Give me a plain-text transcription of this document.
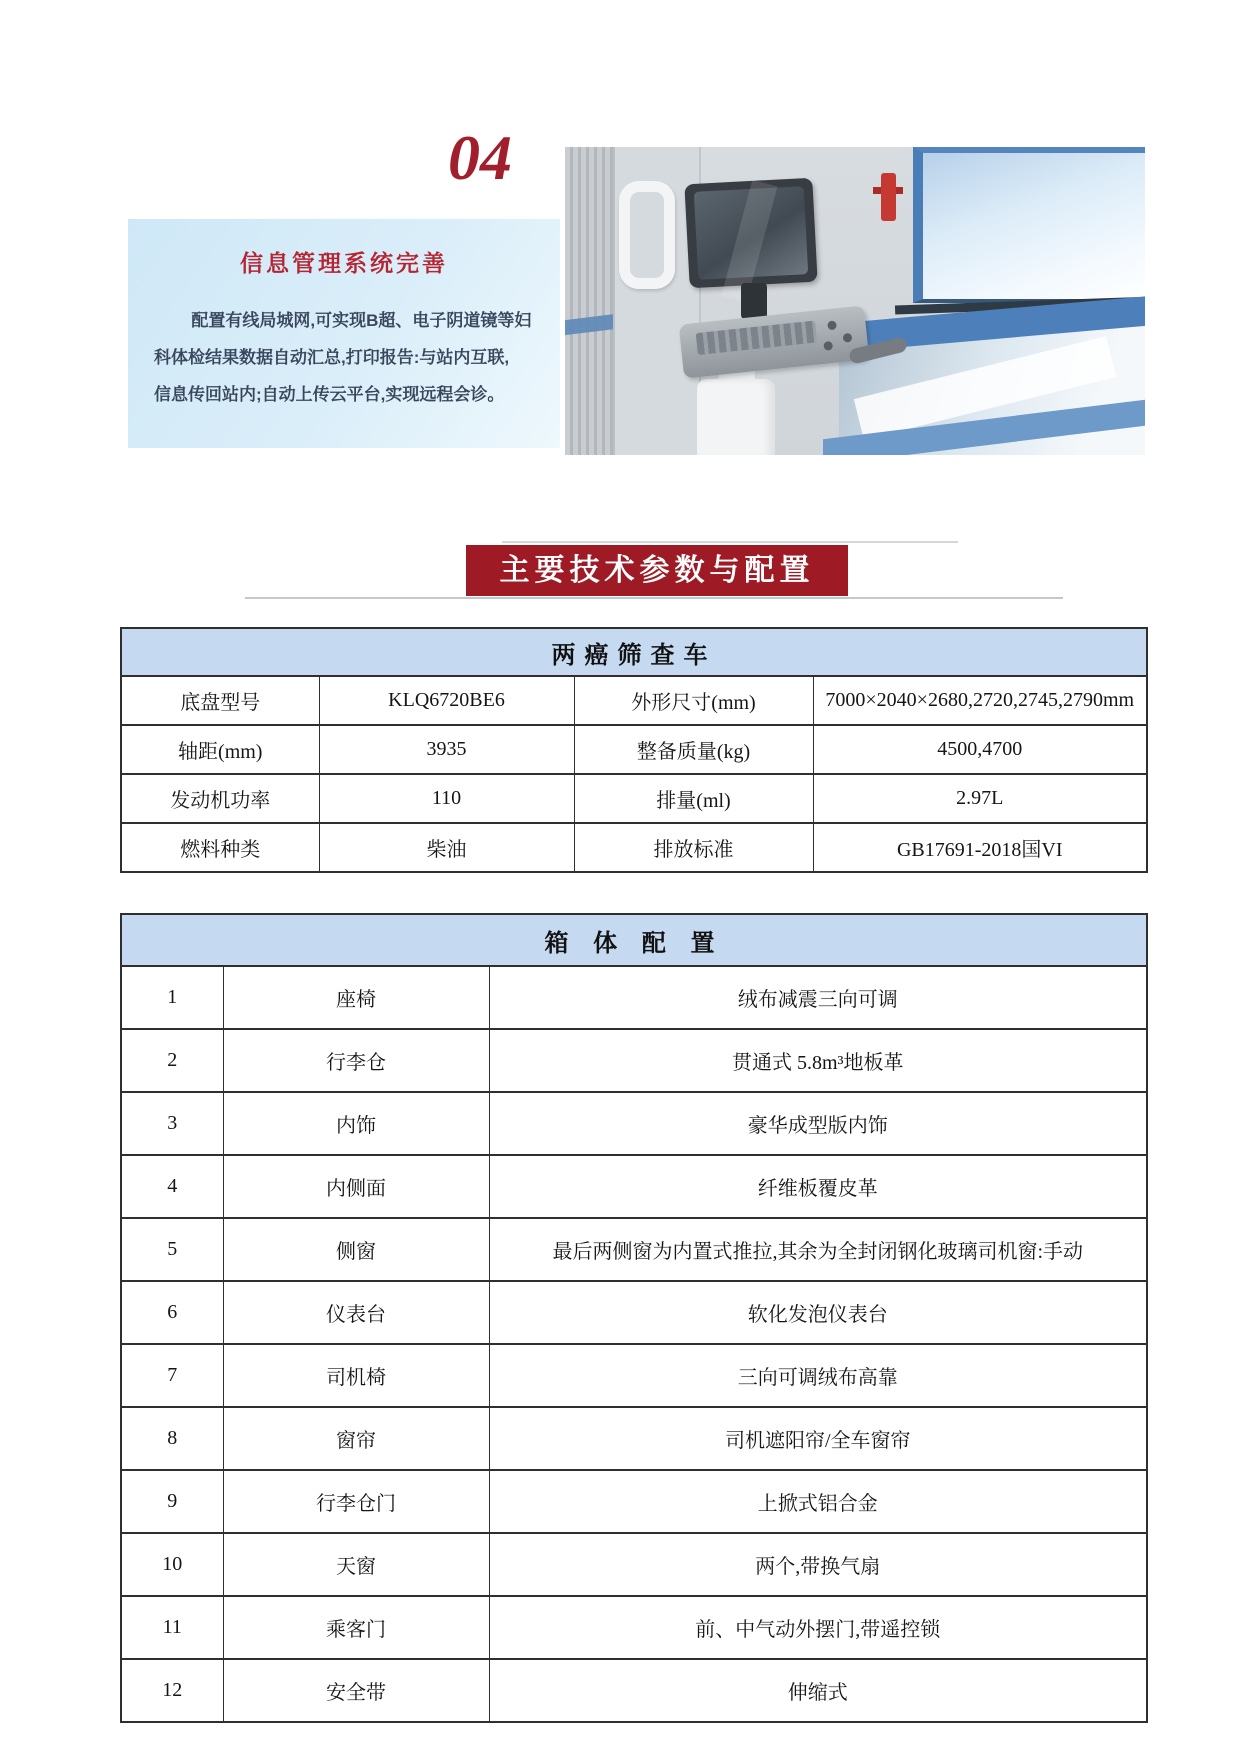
04
信息管理系统完善
配置有线局城网,可实现B超、电子阴道镜等妇
科体检结果数据自动汇总,打印报告:与站内互联,
信息传回站内;自动上传云平台,实现远程会诊。
主要技术参数与配置
两癌筛查车			
底盘型号	KLQ6720BE6	外形尺寸(mm)	7000×2040×2680,2720,2745,2790mm
轴距(mm)	3935	整备质量(kg)	4500,4700
发动机功率	110	排量(ml)	2.97L
燃料种类	柴油	排放标准	GB17691-2018国VI
箱 体 配 置		
1	座椅	绒布减震三向可调
2	行李仓	贯通式 5.8m³地板革
3	内饰	豪华成型版内饰
4	内侧面	纤维板覆皮革
5	侧窗	最后两侧窗为内置式推拉,其余为全封闭钢化玻璃司机窗:手动
6	仪表台	软化发泡仪表台
7	司机椅	三向可调绒布高靠
8	窗帘	司机遮阳帘/全车窗帘
9	行李仓门	上掀式铝合金
10	天窗	两个,带换气扇
11	乘客门	前、中气动外摆门,带遥控锁
12	安全带	伸缩式
